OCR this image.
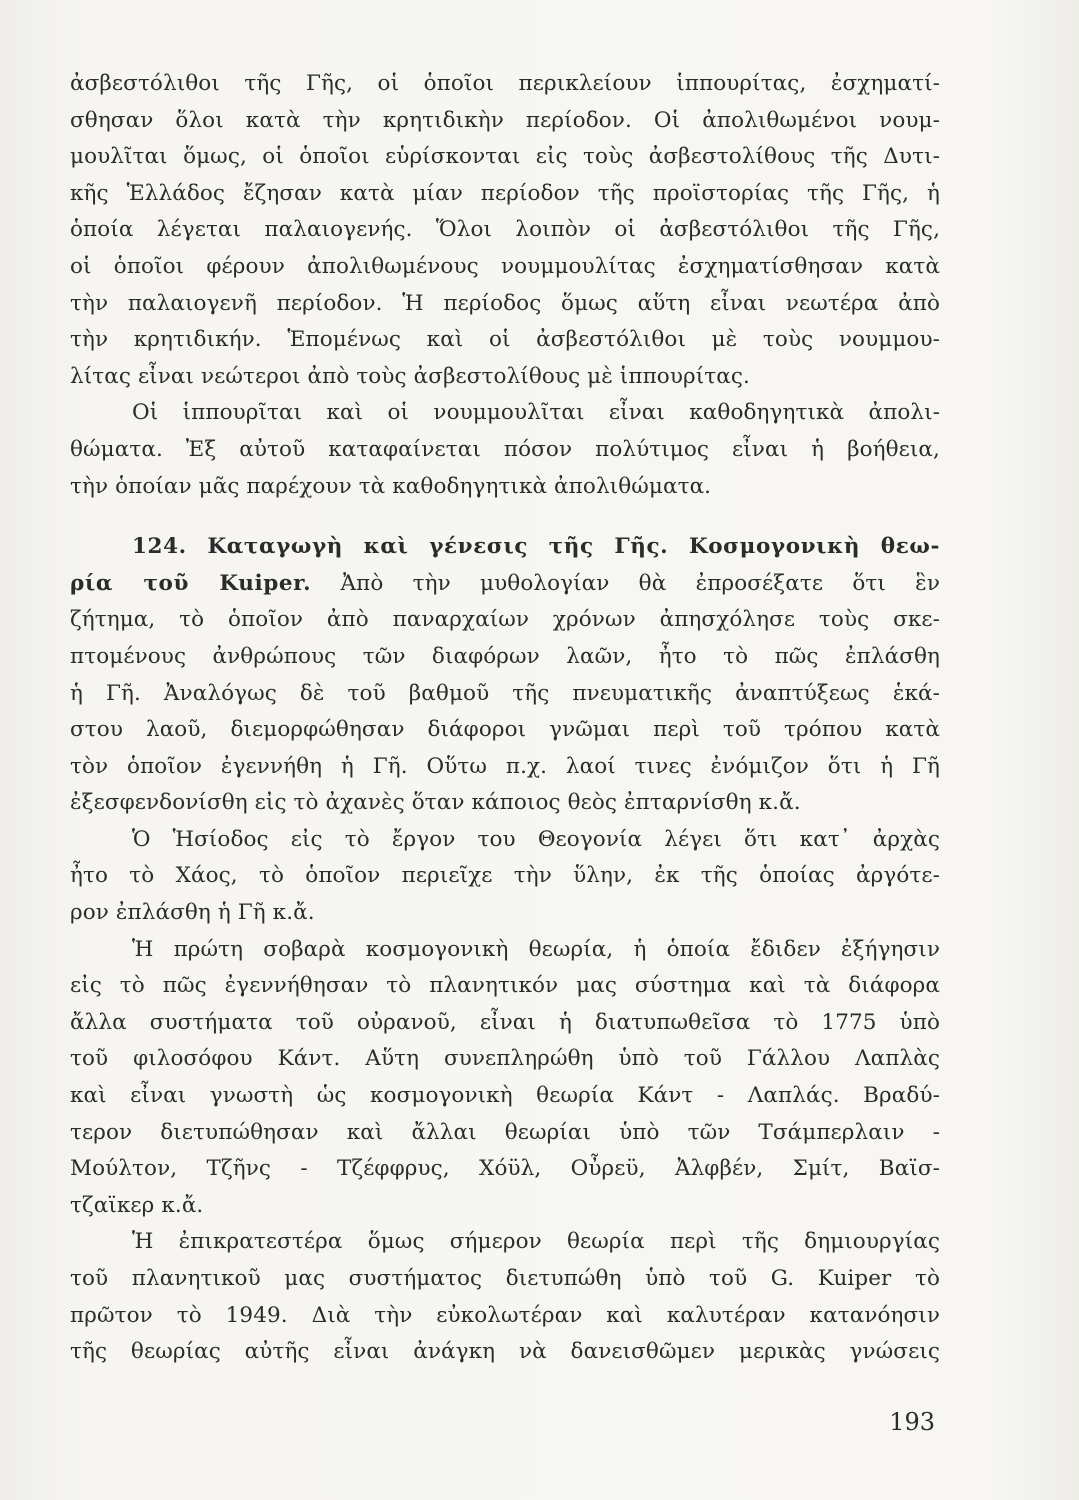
ἀσβεστόλιθοι τῆς Γῆς, οἱ ὁποῖοι περικλείουν ἱππουρίτας, ἐσχηματί-
σθησαν ὅλοι κατὰ τὴν κρητιδικὴν περίοδον. Οἱ ἀπολιθωμένοι νουμ-
μουλῖται ὅμως, οἱ ὁποῖοι εὑρίσκονται εἰς τοὺς ἀσβεστολίθους τῆς Δυτι-
κῆς Ἑλλάδος ἔζησαν κατὰ μίαν περίοδον τῆς προϊστορίας τῆς Γῆς, ἡ
ὁποία λέγεται παλαιογενής. Ὅλοι λοιπὸν οἱ ἀσβεστόλιθοι τῆς Γῆς,
οἱ ὁποῖοι φέρουν ἀπολιθωμένους νουμμουλίτας ἐσχηματίσθησαν κατὰ
τὴν παλαιογενῆ περίοδον. Ἡ περίοδος ὅμως αὕτη εἶναι νεωτέρα ἀπὸ
τὴν κρητιδικήν. Ἑπομένως καὶ οἱ ἀσβεστόλιθοι μὲ τοὺς νουμμου-
λίτας εἶναι νεώτεροι ἀπὸ τοὺς ἀσβεστολίθους μὲ ἱππουρίτας.
Οἱ ἱππουρῖται καὶ οἱ νουμμουλῖται εἶναι καθοδηγητικὰ ἀπολι-
θώματα. Ἐξ αὐτοῦ καταφαίνεται πόσον πολύτιμος εἶναι ἡ βοήθεια,
τὴν ὁποίαν μᾶς παρέχουν τὰ καθοδηγητικὰ ἀπολιθώματα.
124. Καταγωγὴ καὶ γένεσις τῆς Γῆς. Κοσμογονικὴ θεω-
ρία τοῦ Kuiper. Ἀπὸ τὴν μυθολογίαν θὰ ἐπροσέξατε ὅτι ἓν
ζήτημα, τὸ ὁποῖον ἀπὸ παναρχαίων χρόνων ἀπησχόλησε τοὺς σκε-
πτομένους ἀνθρώπους τῶν διαφόρων λαῶν, ἦτο τὸ πῶς ἐπλάσθη
ἡ Γῆ. Ἀναλόγως δὲ τοῦ βαθμοῦ τῆς πνευματικῆς ἀναπτύξεως ἑκά-
στου λαοῦ, διεμορφώθησαν διάφοροι γνῶμαι περὶ τοῦ τρόπου κατὰ
τὸν ὁποῖον ἐγεννήθη ἡ Γῆ. Οὕτω π.χ. λαοί τινες ἐνόμιζον ὅτι ἡ Γῆ
ἐξεσφενδονίσθη εἰς τὸ ἀχανὲς ὅταν κάποιος θεὸς ἐπταρνίσθη κ.ἄ.
Ὁ Ἡσίοδος εἰς τὸ ἔργον του Θεογονία λέγει ὅτι κατ᾽ ἀρχὰς
ἦτο τὸ Χάος, τὸ ὁποῖον περιεῖχε τὴν ὕλην, ἐκ τῆς ὁποίας ἀργότε-
ρον ἐπλάσθη ἡ Γῆ κ.ἄ.
Ἡ πρώτη σοβαρὰ κοσμογονικὴ θεωρία, ἡ ὁποία ἔδιδεν ἐξήγησιν
εἰς τὸ πῶς ἐγεννήθησαν τὸ πλανητικόν μας σύστημα καὶ τὰ διάφορα
ἄλλα συστήματα τοῦ οὐρανοῦ, εἶναι ἡ διατυπωθεῖσα τὸ 1775 ὑπὸ
τοῦ φιλοσόφου Κάντ. Αὕτη συνεπληρώθη ὑπὸ τοῦ Γάλλου Λαπλὰς
καὶ εἶναι γνωστὴ ὡς κοσμογονικὴ θεωρία Κάντ - Λαπλάς. Βραδύ-
τερον διετυπώθησαν καὶ ἄλλαι θεωρίαι ὑπὸ τῶν Τσάμπερλαιν -
Μούλτον, Τζῆνς - Τζέφφρυς, Χόϋλ, Οὖρεϋ, Ἀλφβέν, Σμίτ, Βαϊσ-
τζαϊκερ κ.ἄ.
Ἡ ἐπικρατεστέρα ὅμως σήμερον θεωρία περὶ τῆς δημιουργίας
τοῦ πλανητικοῦ μας συστήματος διετυπώθη ὑπὸ τοῦ G. Kuiper τὸ
πρῶτον τὸ 1949. Διὰ τὴν εὐκολωτέραν καὶ καλυτέραν κατανόησιν
τῆς θεωρίας αὐτῆς εἶναι ἀνάγκη νὰ δανεισθῶμεν μερικὰς γνώσεις
193
